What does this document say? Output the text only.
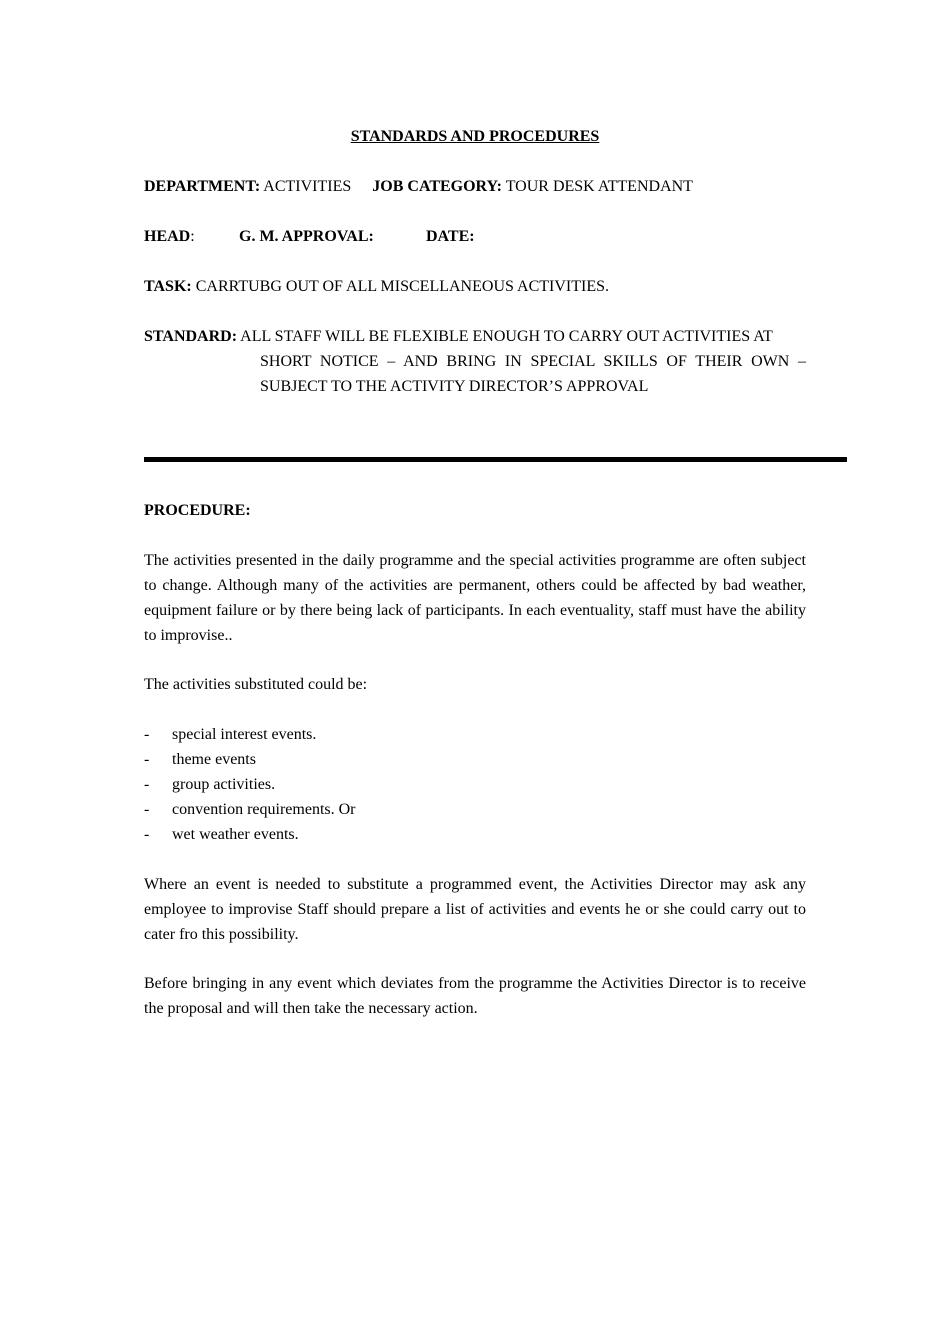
STANDARDS AND PROCEDURES
DEPARTMENT: ACTIVITIES JOB CATEGORY: TOUR DESK ATTENDANT
HEAD:	G. M. APPROVAL:	DATE:
TASK: CARRTUBG OUT OF ALL MISCELLANEOUS ACTIVITIES.
STANDARD: ALL STAFF WILL BE FLEXIBLE ENOUGH TO CARRY OUT ACTIVITIES AT
SHORT NOTICE – AND BRING IN SPECIAL SKILLS OF THEIR OWN – SUBJECT TO THE ACTIVITY DIRECTOR’S APPROVAL
PROCEDURE:
The activities presented in the daily programme and the special activities programme are often subject to change. Although many of the activities are permanent, others could be affected by bad weather, equipment failure or by there being lack of participants. In each eventuality, staff must have the ability to improvise..
The activities substituted could be:
- special interest events.
- theme events
- group activities.
- convention requirements. Or
- wet weather events.
Where an event is needed to substitute a programmed event, the Activities Director may ask any employee to improvise Staff should prepare a list of activities and events he or she could carry out to cater fro this possibility.
Before bringing in any event which deviates from the programme the Activities Director is to receive the proposal and will then take the necessary action.
